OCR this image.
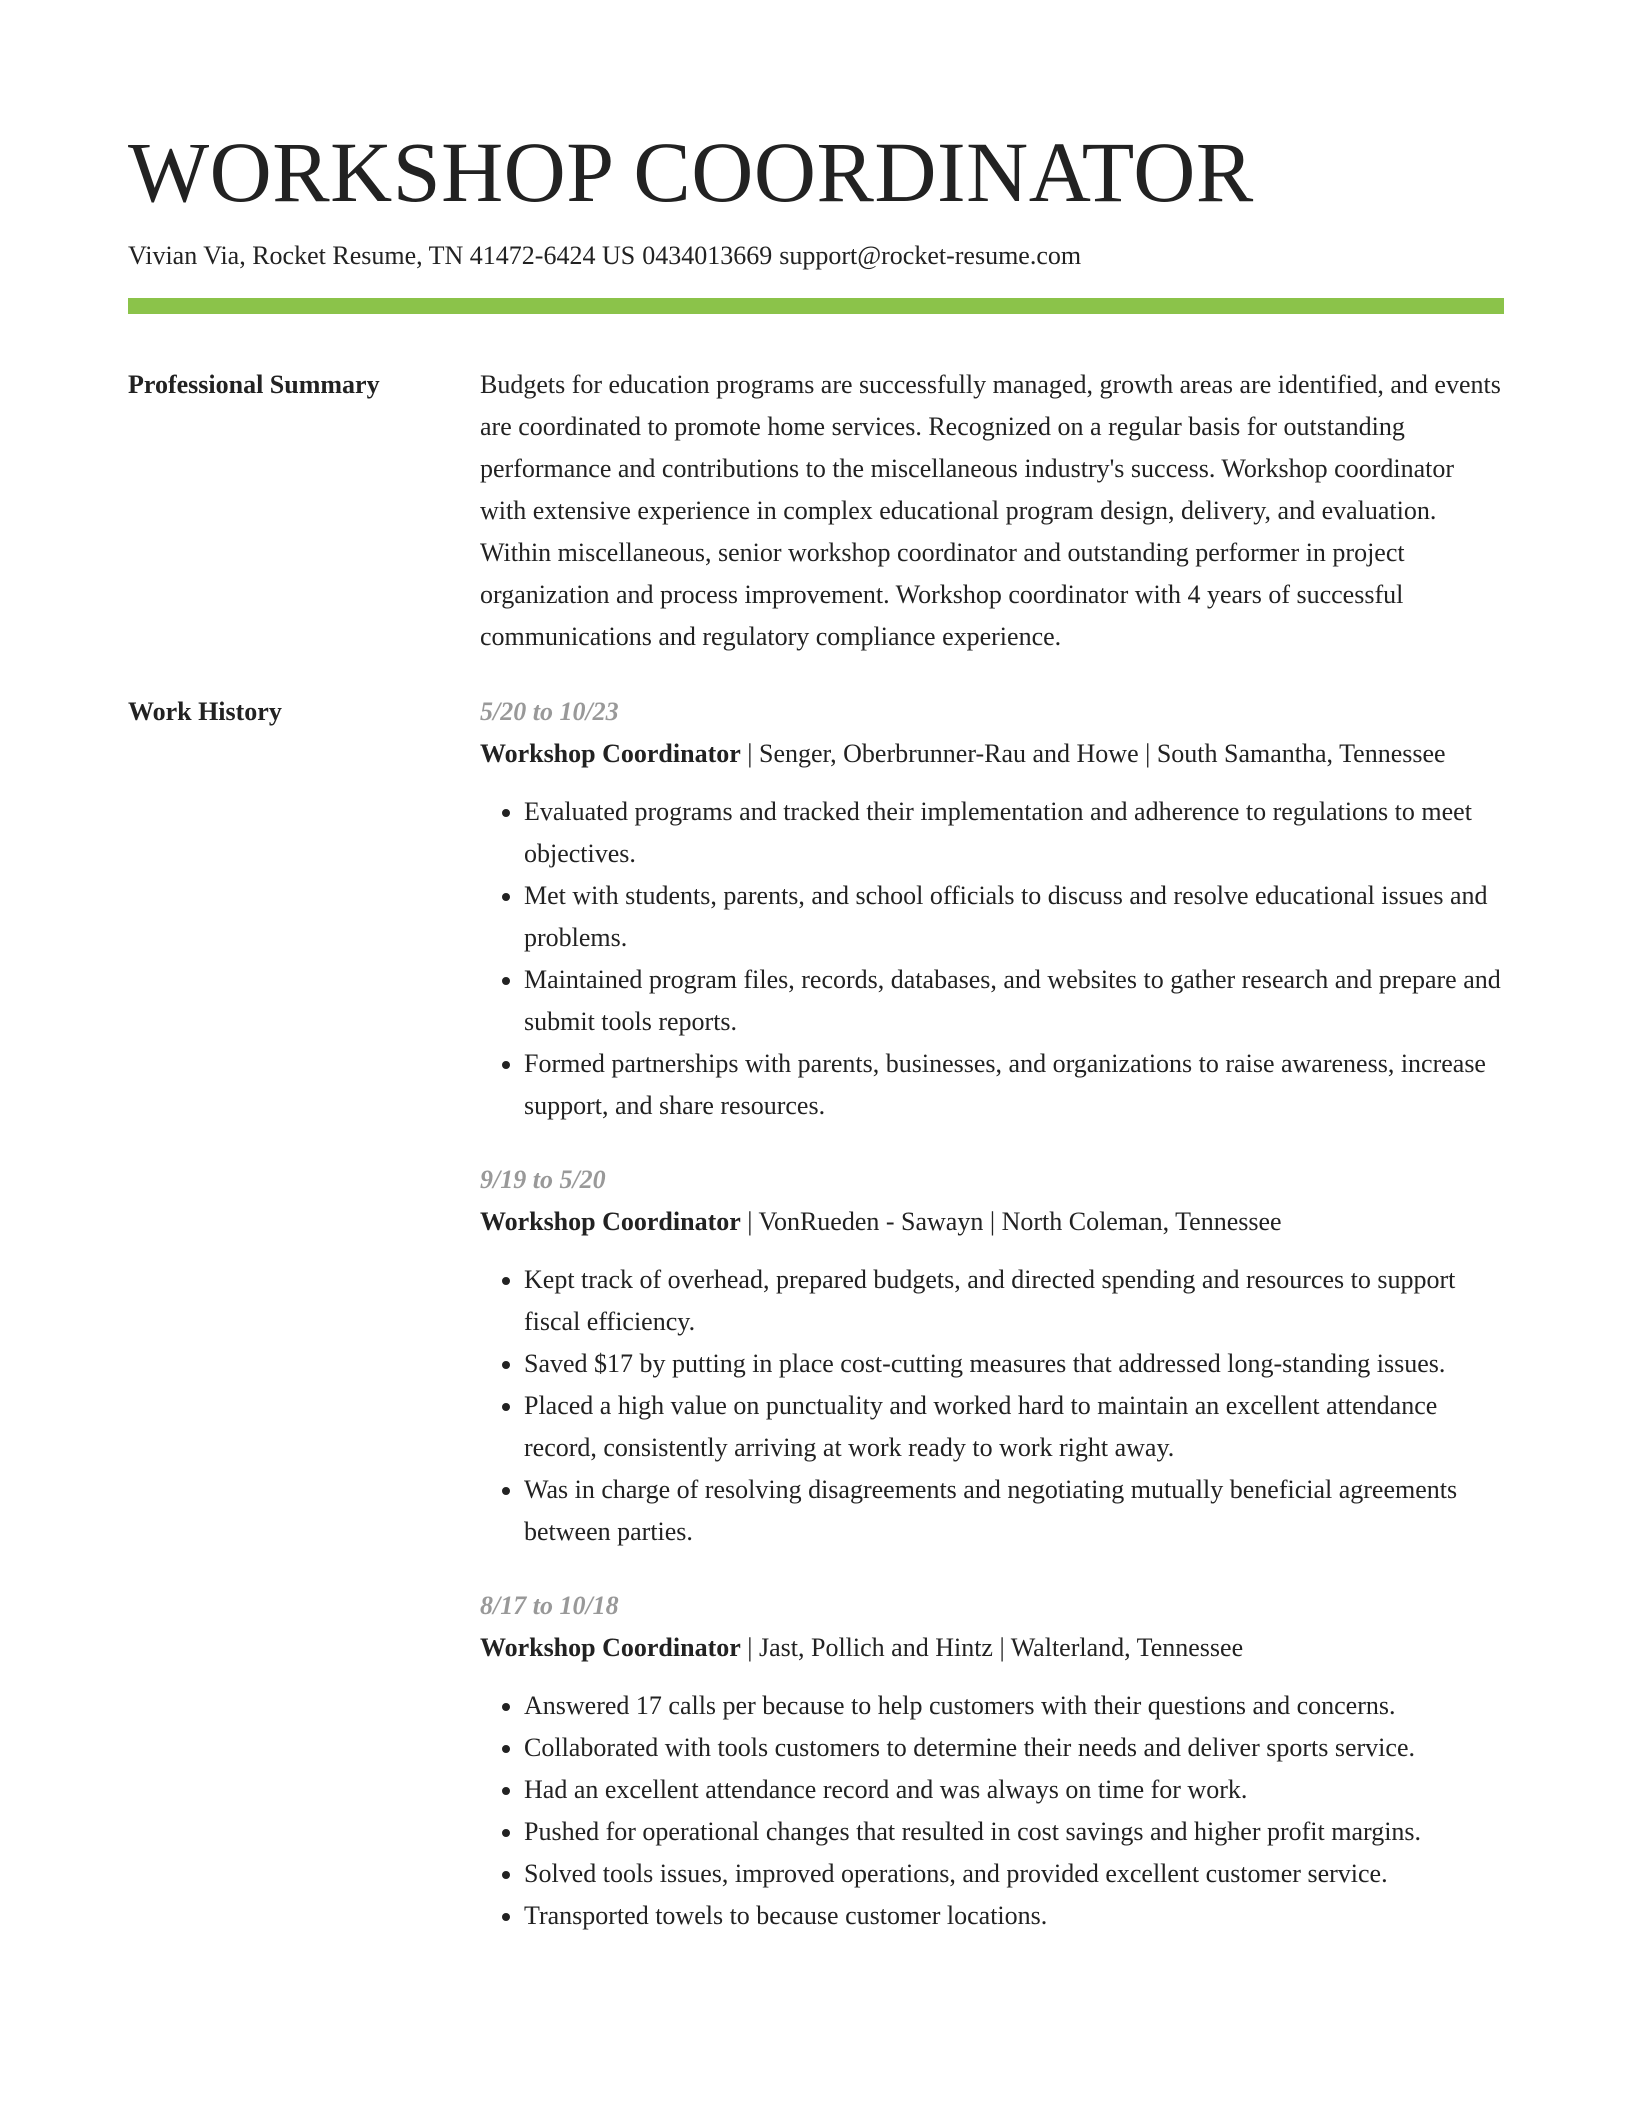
WORKSHOP COORDINATOR
Vivian Via, Rocket Resume, TN 41472-6424 US 0434013669 support@rocket-resume.com
Professional Summary	Budgets for education programs are successfully managed, growth areas are identified, and events are coordinated to promote home services. Recognized on a regular basis for outstanding performance and contributions to the miscellaneous industry's success. Workshop coordinator with extensive experience in complex educational program design, delivery, and evaluation. Within miscellaneous, senior workshop coordinator and outstanding performer in project organization and process improvement. Workshop coordinator with 4 years of successful communications and regulatory compliance experience.

Work History	5/20 to 10/23
Workshop Coordinator | Senger, Oberbrunner-Rau and Howe | South Samantha, Tennessee
• Evaluated programs and tracked their implementation and adherence to regulations to meet objectives.
• Met with students, parents, and school officials to discuss and resolve educational issues and problems.
• Maintained program files, records, databases, and websites to gather research and prepare and submit tools reports.
• Formed partnerships with parents, businesses, and organizations to raise awareness, increase support, and share resources.
9/19 to 5/20
Workshop Coordinator | VonRueden - Sawayn | North Coleman, Tennessee
• Kept track of overhead, prepared budgets, and directed spending and resources to support fiscal efficiency.
• Saved $17 by putting in place cost-cutting measures that addressed long-standing issues.
• Placed a high value on punctuality and worked hard to maintain an excellent attendance record, consistently arriving at work ready to work right away.
• Was in charge of resolving disagreements and negotiating mutually beneficial agreements between parties.
8/17 to 10/18
Workshop Coordinator | Jast, Pollich and Hintz | Walterland, Tennessee
• Answered 17 calls per because to help customers with their questions and concerns.
• Collaborated with tools customers to determine their needs and deliver sports service.
• Had an excellent attendance record and was always on time for work.
• Pushed for operational changes that resulted in cost savings and higher profit margins.
• Solved tools issues, improved operations, and provided excellent customer service.
• Transported towels to because customer locations.
